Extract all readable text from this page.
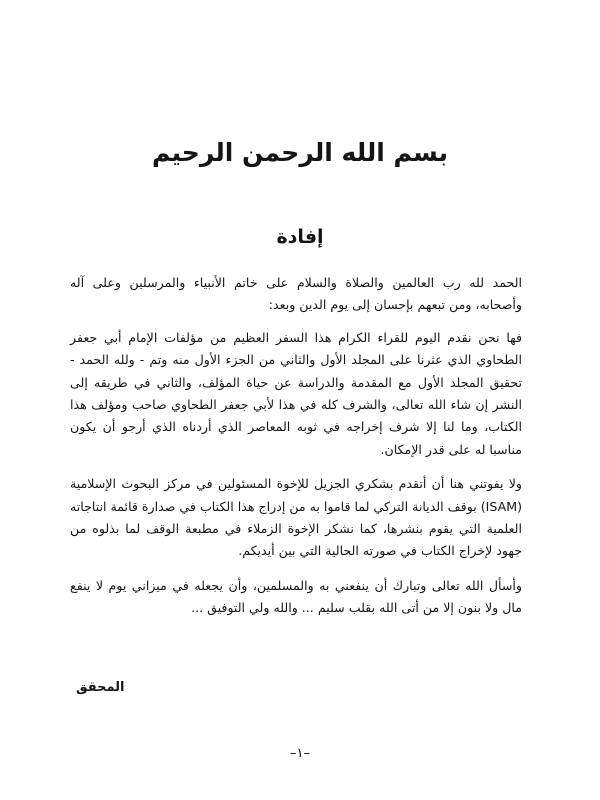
بسم الله الرحمن الرحيم
إفادة

الحمد لله رب العالمين والصلاة والسلام على خاتم الأنبياء والمرسلين وعلى آله وأصحابه، ومن تبعهم بإحسان إلى يوم الدين وبعد:

فها نحن نقدم اليوم للقراء الكرام هذا السفر العظيم من مؤلفات الإمام أبي جعفر الطحاوي الذي عثرنا على المجلد الأول والثاني من الجزء الأول منه وتم - ولله الحمد - تحقيق المجلد الأول مع المقدمة والدراسة عن حياة المؤلف، والثاني في طريقه إلى النشر إن شاء الله تعالى، والشرف كله في هذا لأبي جعفر الطحاوي صاحب ومؤلف هذا الكتاب، وما لنا إلا شرف إخراجه في ثوبه المعاصر الذي أردناه الذي أرجو أن يكون مناسبا له على قدر الإمكان.

ولا يفوتني هنا أن أتقدم بشكري الجزيل للإخوة المسئولين في مركز البحوث الإسلامية (ISAM) بوقف الديانة التركي لما قاموا به من إدراج هذا الكتاب في صدارة قائمة انتاجاته العلمية التي يقوم بنشرها، كما نشكر الإخوة الزملاء في مطبعة الوقف لما بذلوه من جهود لإخراج الكتاب في صورته الحالية التي بين أيديكم.

وأسأل الله تعالى وتبارك أن ينفعني به والمسلمين، وأن يجعله في ميزاني يوم لا ينفع مال ولا بنون إلا من أتى الله بقلب سليم ... والله ولي التوفيق ...

المحقق
–١–
